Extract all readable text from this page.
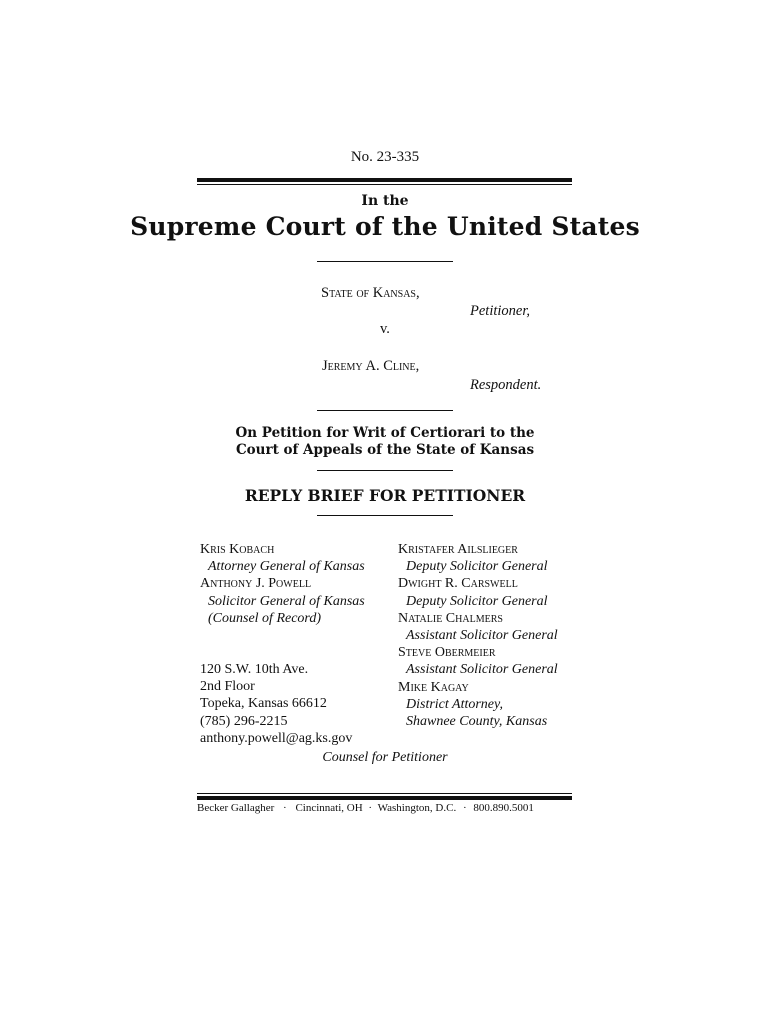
No. 23-335
In the
Supreme Court of the United States
State of Kansas,
Petitioner,
v.
Jeremy A. Cline,
Respondent.
On Petition for Writ of Certiorari to the
Court of Appeals of the State of Kansas
REPLY BRIEF FOR PETITIONER
Kris Kobach
Attorney General of Kansas
Anthony J. Powell
Solicitor General of Kansas
(Counsel of Record)
120 S.W. 10th Ave.
2nd Floor
Topeka, Kansas 66612
(785) 296-2215
anthony.powell@ag.ks.gov
Kristafer Ailslieger
Deputy Solicitor General
Dwight R. Carswell
Deputy Solicitor General
Natalie Chalmers
Assistant Solicitor General
Steve Obermeier
Assistant Solicitor General
Mike Kagay
District Attorney,
Shawnee County, Kansas
Counsel for Petitioner
Becker Gallagher · Cincinnati, OH · Washington, D.C. · 800.890.5001
